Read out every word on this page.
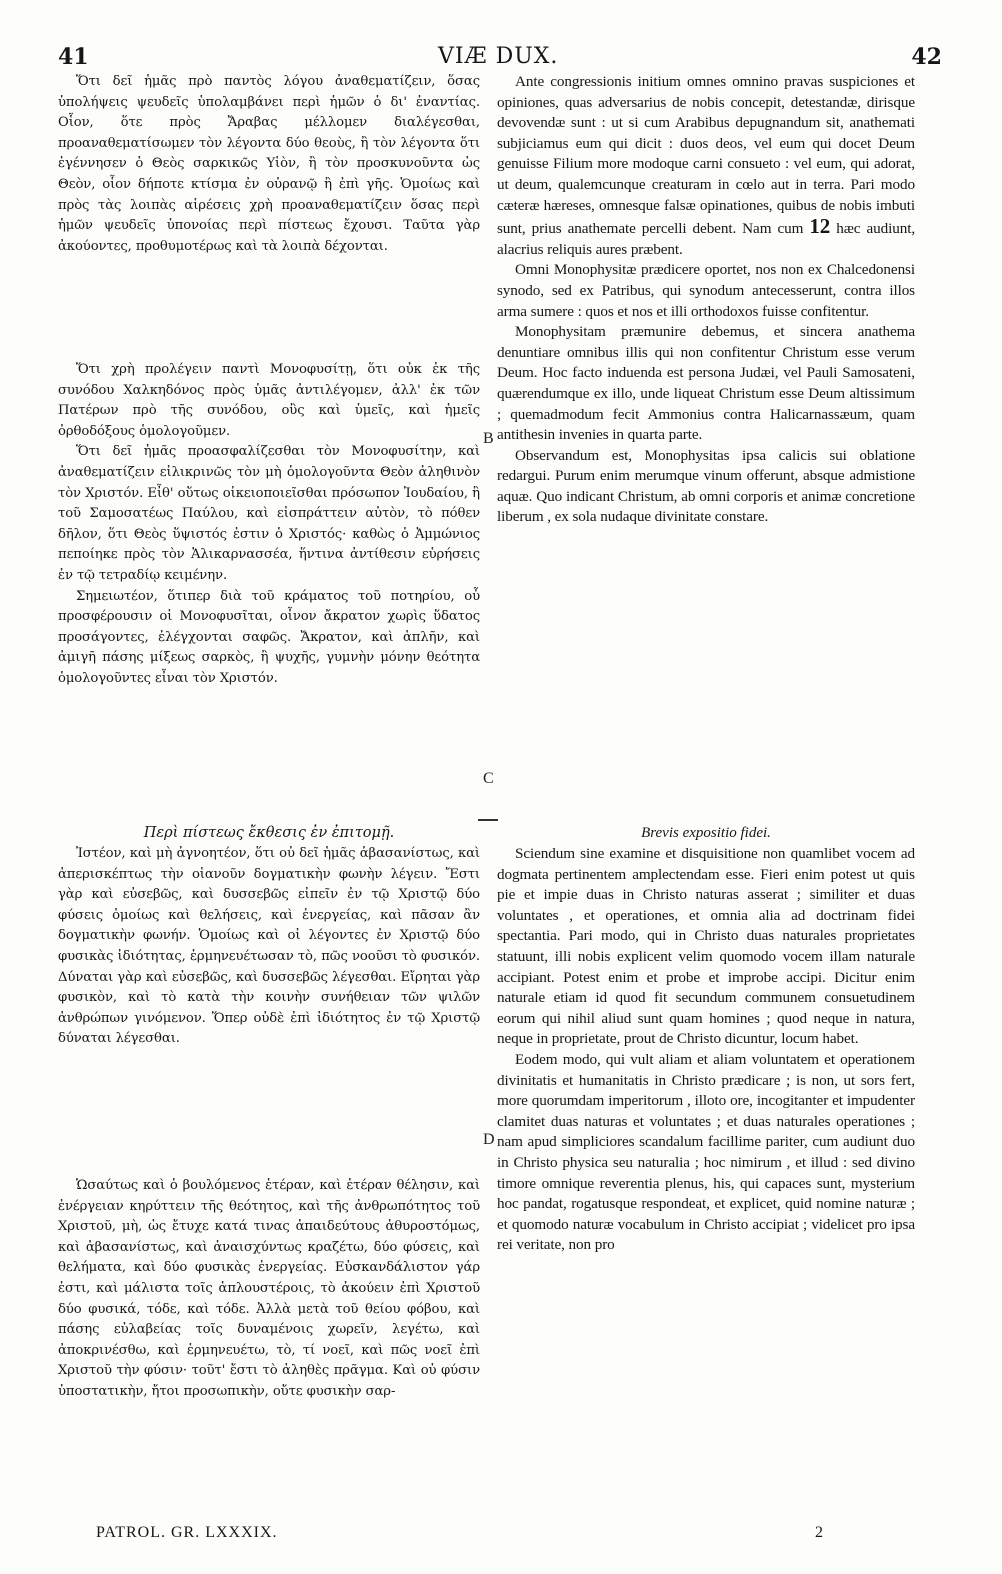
41	VIÆ DUX.	42

Ὅτι δεῖ ἡμᾶς πρὸ παντὸς λόγου ἀναθεματίζειν, ὅσας ὑπολήψεις ψευδεῖς ὑπολαμβάνει περὶ ἡμῶν ὁ δι' ἐναντίας. Οἷον, ὅτε πρὸς Ἄραβας μέλλομεν διαλέγεσθαι, προαναθεματίσωμεν τὸν λέγοντα δύο θεοὺς, ἢ τὸν λέγοντα ὅτι ἐγέννησεν ὁ Θεὸς σαρκικῶς Υἱὸν, ἢ τὸν προσκυνοῦντα ὡς Θεὸν, οἷον δήποτε κτίσμα ἐν οὐρανῷ ἢ ἐπὶ γῆς. Ὁμοίως καὶ πρὸς τὰς λοιπὰς αἱρέσεις χρὴ προαναθεματίζειν ὅσας περὶ ἡμῶν ψευδεῖς ὑπονοίας περὶ πίστεως ἔχουσι. Ταῦτα γὰρ ἀκούοντες, προθυμοτέρως καὶ τὰ λοιπὰ δέχονται.

Ὅτι χρὴ προλέγειν παντὶ Μονοφυσίτῃ, ὅτι οὐκ ἐκ τῆς συνόδου Χαλκηδόνος πρὸς ὑμᾶς ἀντιλέγομεν, ἀλλ' ἐκ τῶν Πατέρων πρὸ τῆς συνόδου, οὓς καὶ ὑμεῖς, καὶ ἡμεῖς ὀρθοδόξους ὁμολογοῦμεν.

Ὅτι δεῖ ἡμᾶς προασφαλίζεσθαι τὸν Μονοφυσίτην, καὶ ἀναθεματίζειν εἰλικρινῶς τὸν μὴ ὁμολογοῦντα Θεὸν ἀληθινὸν τὸν Χριστόν. Εἶθ' οὕτως οἰκειοποιεῖσθαι πρόσωπον Ἰουδαίου, ἢ τοῦ Σαμοσατέως Παύλου, καὶ εἰσπράττειν αὐτὸν, τὸ πόθεν δῆλον, ὅτι Θεὸς ὕψιστός ἐστιν ὁ Χριστός· καθὼς ὁ Ἀμμώνιος πεποίηκε πρὸς τὸν Ἁλικαρνασσέα, ἥντινα ἀντίθεσιν εὑρήσεις ἐν τῷ τετραδίῳ κειμένην.

Σημειωτέον, ὅτιπερ διὰ τοῦ κράματος τοῦ ποτηρίου, οὗ προσφέρουσιν οἱ Μονοφυσῖται, οἶνον ἄκρατον χωρὶς ὕδατος προσάγοντες, ἐλέγχονται σαφῶς. Ἄκρατον, καὶ ἁπλῆν, καὶ ἀμιγῆ πάσης μίξεως σαρκὸς, ἢ ψυχῆς, γυμνὴν μόνην θεότητα ὁμολογοῦντες εἶναι τὸν Χριστόν.

Περὶ πίστεως ἔκθεσις ἐν ἐπιτομῇ.

Ἰστέον, καὶ μὴ ἀγνοητέον, ὅτι οὐ δεῖ ἡμᾶς ἀβασανίστως, καὶ ἀπερισκέπτως τὴν οἱανοῦν δογματικὴν φωνὴν λέγειν. Ἔστι γὰρ καὶ εὐσεβῶς, καὶ δυσσεβῶς εἰπεῖν ἐν τῷ Χριστῷ δύο φύσεις ὁμοίως καὶ θελήσεις, καὶ ἐνεργείας, καὶ πᾶσαν ἂν δογματικὴν φωνήν. Ὁμοίως καὶ οἱ λέγοντες ἐν Χριστῷ δύο φυσικὰς ἰδιότητας, ἑρμηνευέτωσαν τὸ, πῶς νοοῦσι τὸ φυσικόν. Δύναται γὰρ καὶ εὐσεβῶς, καὶ δυσσεβῶς λέγεσθαι. Εἴρηται γὰρ φυσικὸν, καὶ τὸ κατὰ τὴν κοινὴν συνήθειαν τῶν ψιλῶν ἀνθρώπων γινόμενον. Ὅπερ οὐδὲ ἐπὶ ἰδιότητος ἐν τῷ Χριστῷ δύναται λέγεσθαι.

Ὡσαύτως καὶ ὁ βουλόμενος ἑτέραν, καὶ ἑτέραν θέλησιν, καὶ ἐνέργειαν κηρύττειν τῆς θεότητος, καὶ τῆς ἀνθρωπότητος τοῦ Χριστοῦ, μὴ, ὡς ἔτυχε κατά τινας ἀπαιδεύτους ἀθυροστόμως, καὶ ἀβασανίστως, καὶ ἀναισχύντως κραζέτω, δύο φύσεις, καὶ θελήματα, καὶ δύο φυσικὰς ἐνεργείας. Εὐσκανδάλιστον γάρ ἐστι, καὶ μάλιστα τοῖς ἁπλουστέροις, τὸ ἀκούειν ἐπὶ Χριστοῦ δύο φυσικά, τόδε, καὶ τόδε. Ἀλλὰ μετὰ τοῦ θείου φόβου, καὶ πάσης εὐλαβείας τοῖς δυναμένοις χωρεῖν, λεγέτω, καὶ ἀποκρινέσθω, καὶ ἑρμηνευέτω, τὸ, τί νοεῖ, καὶ πῶς νοεῖ ἐπὶ Χριστοῦ τὴν φύσιν· τοῦτ' ἔστι τὸ ἀληθὲς πρᾶγμα. Καὶ οὐ φύσιν ὑποστατικὴν, ἤτοι προσωπικὴν, οὔτε φυσικὴν σαρ-

Ante congressionis initium omnes omnino pravas suspiciones et opiniones, quas adversarius de nobis concepit, detestandæ, dirisque devovendæ sunt : ut si cum Arabibus depugnandum sit, anathemati subjiciamus eum qui dicit : duos deos, vel eum qui docet Deum genuisse Filium more modoque carni consueto : vel eum, qui adorat, ut deum, qualemcunque creaturam in cœlo aut in terra. Pari modo cæteræ hæreses, omnesque falsæ opinationes, quibus de nobis imbuti sunt, prius anathemate percelli debent. Nam cum 12 hæc audiunt, alacrius reliquis aures præbent.

Omni Monophysitæ prædicere oportet, nos non ex Chalcedonensi synodo, sed ex Patribus, qui synodum antecesserunt, contra illos arma sumere : quos et nos et illi orthodoxos fuisse confitentur.

Monophysitam præmunire debemus, et sincera anathema denuntiare omnibus illis qui non confitentur Christum esse verum Deum. Hoc facto induenda est persona Judæi, vel Pauli Samosateni, quærendumque ex illo, unde liqueat Christum esse Deum altissimum ; quemadmodum fecit Ammonius contra Halicarnassæum, quam antithesin invenies in quarta parte.

Observandum est, Monophysitas ipsa calicis sui oblatione redargui. Purum enim merumque vinum offerunt, absque admistione aquæ. Quo indicant Christum, ab omni corporis et animæ concretione liberum , ex sola nudaque divinitate constare.

Brevis expositio fidei.

Sciendum sine examine et disquisitione non quamlibet vocem ad dogmata pertinentem amplectendam esse. Fieri enim potest ut quis pie et impie duas in Christo naturas asserat ; similiter et duas voluntates , et operationes, et omnia alia ad doctrinam fidei spectantia. Pari modo, qui in Christo duas naturales proprietates statuunt, illi nobis explicent velim quomodo vocem illam naturale accipiant. Potest enim et probe et improbe accipi. Dicitur enim naturale etiam id quod fit secundum communem consuetudinem eorum qui nihil aliud sunt quam homines ; quod neque in natura, neque in proprietate, prout de Christo dicuntur, locum habet.

Eodem modo, qui vult aliam et aliam voluntatem et operationem divinitatis et humanitatis in Christo prædicare ; is non, ut sors fert, more quorumdam imperitorum , illoto ore, incogitanter et impudenter clamitet duas naturas et voluntates ; et duas naturales operationes ; nam apud simpliciores scandalum facillime pariter, cum audiunt duo in Christo physica seu naturalia ; hoc nimirum , et illud : sed divino timore omnique reverentia plenus, his, qui capaces sunt, mysterium hoc pandat, rogatusque respondeat, et explicet, quid nomine naturæ ; et quomodo naturæ vocabulum in Christo accipiat ; videlicet pro ipsa rei veritate, non pro

B
C
D
PATROL. GR. LXXXIX.	2
